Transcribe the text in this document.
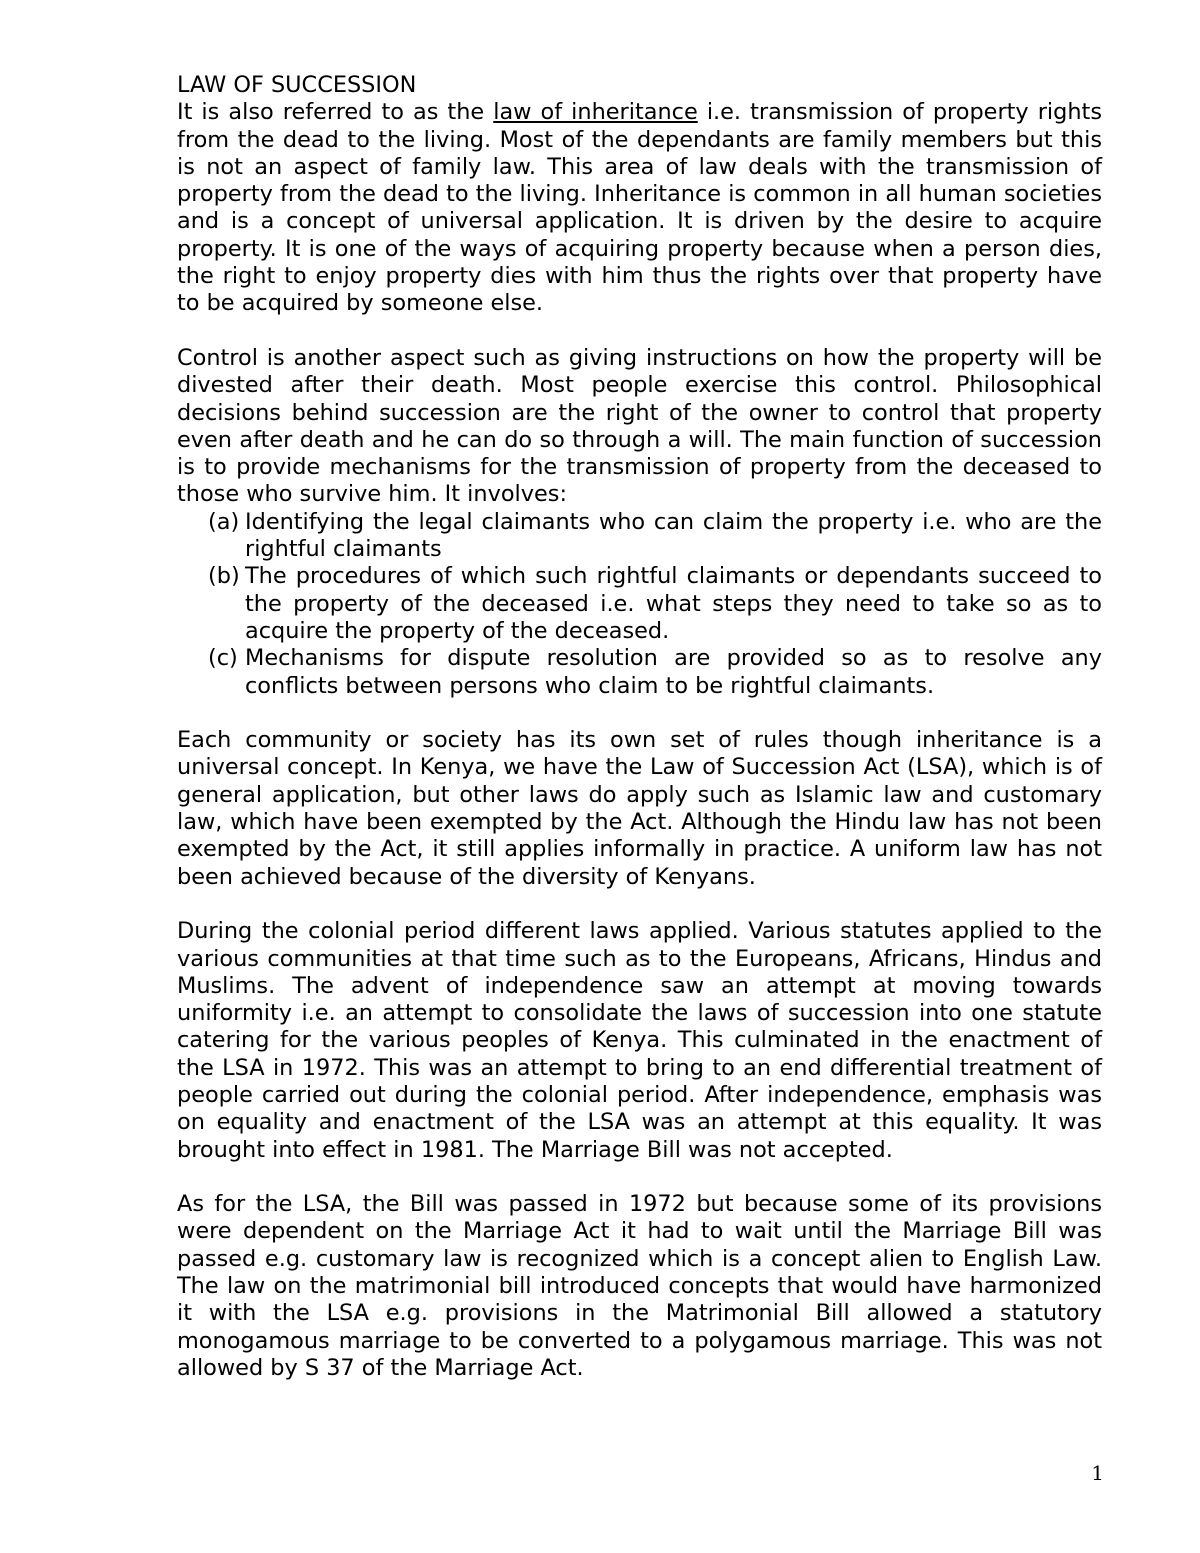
LAW OF SUCCESSION

It is also referred to as the law of inheritance i.e. transmission of property rights from the dead to the living. Most of the dependants are family members but this is not an aspect of family law. This area of law deals with the transmission of property from the dead to the living. Inheritance is common in all human societies and is a concept of universal application. It is driven by the desire to acquire property. It is one of the ways of acquiring property because when a person dies, the right to enjoy property dies with him thus the rights over that property have to be acquired by someone else.

Control is another aspect such as giving instructions on how the property will be divested after their death. Most people exercise this control. Philosophical decisions behind succession are the right of the owner to control that property even after death and he can do so through a will. The main function of succession is to provide mechanisms for the transmission of property from the deceased to those who survive him. It involves:

(a) Identifying the legal claimants who can claim the property i.e. who are the rightful claimants
(b) The procedures of which such rightful claimants or dependants succeed to the property of the deceased i.e. what steps they need to take so as to acquire the property of the deceased.
(c) Mechanisms for dispute resolution are provided so as to resolve any conflicts between persons who claim to be rightful claimants.

Each community or society has its own set of rules though inheritance is a universal concept. In Kenya, we have the Law of Succession Act (LSA), which is of general application, but other laws do apply such as Islamic law and customary law, which have been exempted by the Act. Although the Hindu law has not been exempted by the Act, it still applies informally in practice. A uniform law has not been achieved because of the diversity of Kenyans.

During the colonial period different laws applied. Various statutes applied to the various communities at that time such as to the Europeans, Africans, Hindus and Muslims. The advent of independence saw an attempt at moving towards uniformity i.e. an attempt to consolidate the laws of succession into one statute catering for the various peoples of Kenya. This culminated in the enactment of the LSA in 1972. This was an attempt to bring to an end differential treatment of people carried out during the colonial period. After independence, emphasis was on equality and enactment of the LSA was an attempt at this equality. It was brought into effect in 1981. The Marriage Bill was not accepted.

As for the LSA, the Bill was passed in 1972 but because some of its provisions were dependent on the Marriage Act it had to wait until the Marriage Bill was passed e.g. customary law is recognized which is a concept alien to English Law. The law on the matrimonial bill introduced concepts that would have harmonized it with the LSA e.g. provisions in the Matrimonial Bill allowed a statutory monogamous marriage to be converted to a polygamous marriage. This was not allowed by S 37 of the Marriage Act.

1
